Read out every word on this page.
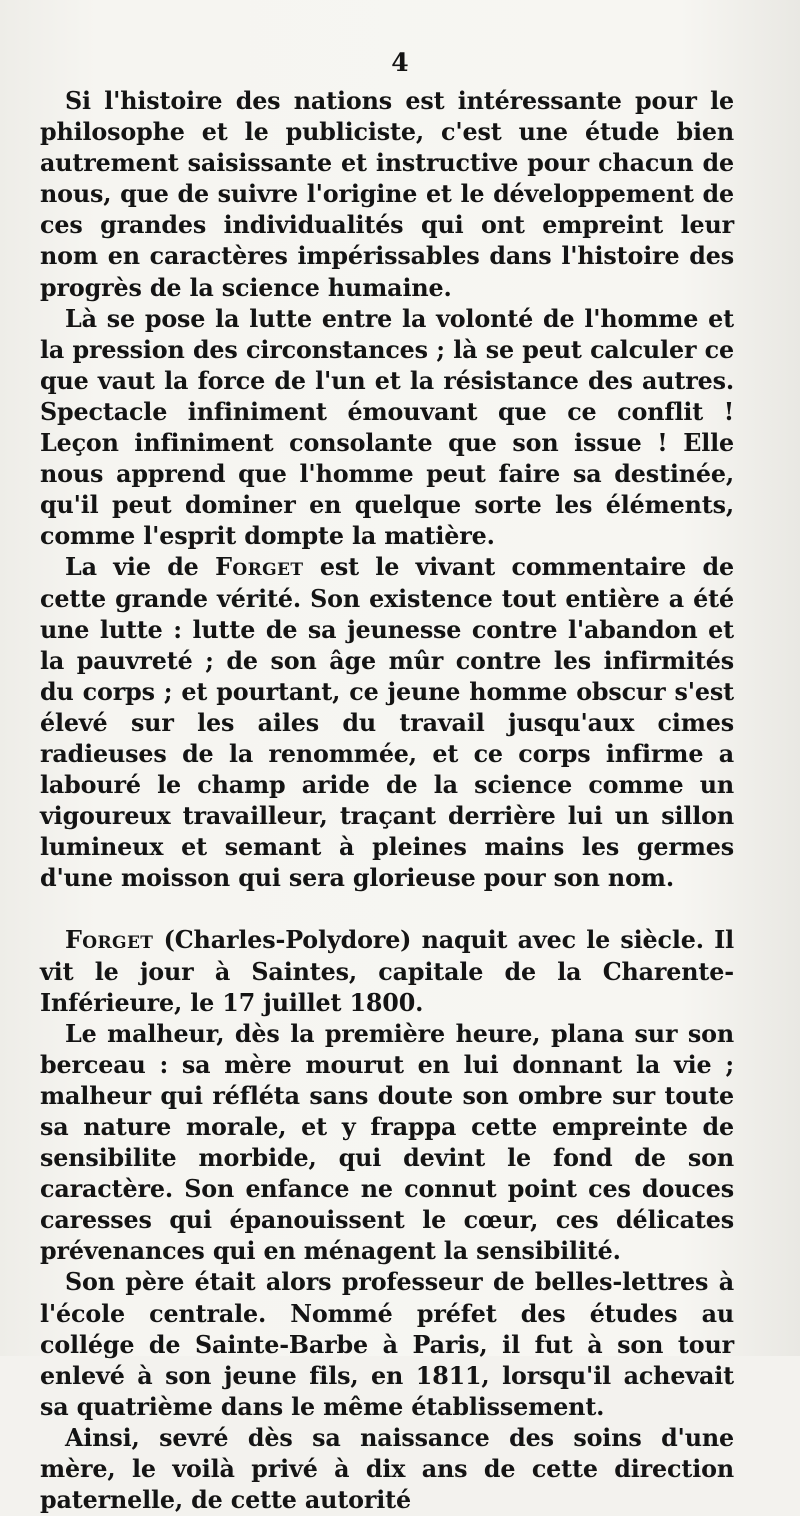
4

Si l'histoire des nations est intéressante pour le philosophe et le publiciste, c'est une étude bien autrement saisissante et instructive pour chacun de nous, que de suivre l'origine et le développement de ces grandes individualités qui ont empreint leur nom en caractères impérissables dans l'histoire des progrès de la science humaine.

Là se pose la lutte entre la volonté de l'homme et la pression des circonstances ; là se peut calculer ce que vaut la force de l'un et la résistance des autres. Spectacle infiniment émouvant que ce conflit ! Leçon infiniment consolante que son issue ! Elle nous apprend que l'homme peut faire sa destinée, qu'il peut dominer en quelque sorte les éléments, comme l'esprit dompte la matière.

La vie de Forget est le vivant commentaire de cette grande vérité. Son existence tout entière a été une lutte : lutte de sa jeunesse contre l'abandon et la pauvreté ; de son âge mûr contre les infirmités du corps ; et pourtant, ce jeune homme obscur s'est élevé sur les ailes du travail jusqu'aux cimes radieuses de la renommée, et ce corps infirme a labouré le champ aride de la science comme un vigoureux travailleur, traçant derrière lui un sillon lumineux et semant à pleines mains les germes d'une moisson qui sera glorieuse pour son nom.

Forget (Charles-Polydore) naquit avec le siècle. Il vit le jour à Saintes, capitale de la Charente-Inférieure, le 17 juillet 1800.

Le malheur, dès la première heure, plana sur son berceau : sa mère mourut en lui donnant la vie ; malheur qui réfléta sans doute son ombre sur toute sa nature morale, et y frappa cette empreinte de sensibilite morbide, qui devint le fond de son caractère. Son enfance ne connut point ces douces caresses qui épanouissent le cœur, ces délicates prévenances qui en ménagent la sensibilité.

Son père était alors professeur de belles-lettres à l'école centrale. Nommé préfet des études au collége de Sainte-Barbe à Paris, il fut à son tour enlevé à son jeune fils, en 1811, lorsqu'il achevait sa quatrième dans le même établissement.

Ainsi, sevré dès sa naissance des soins d'une mère, le voilà privé à dix ans de cette direction paternelle, de cette autorité
